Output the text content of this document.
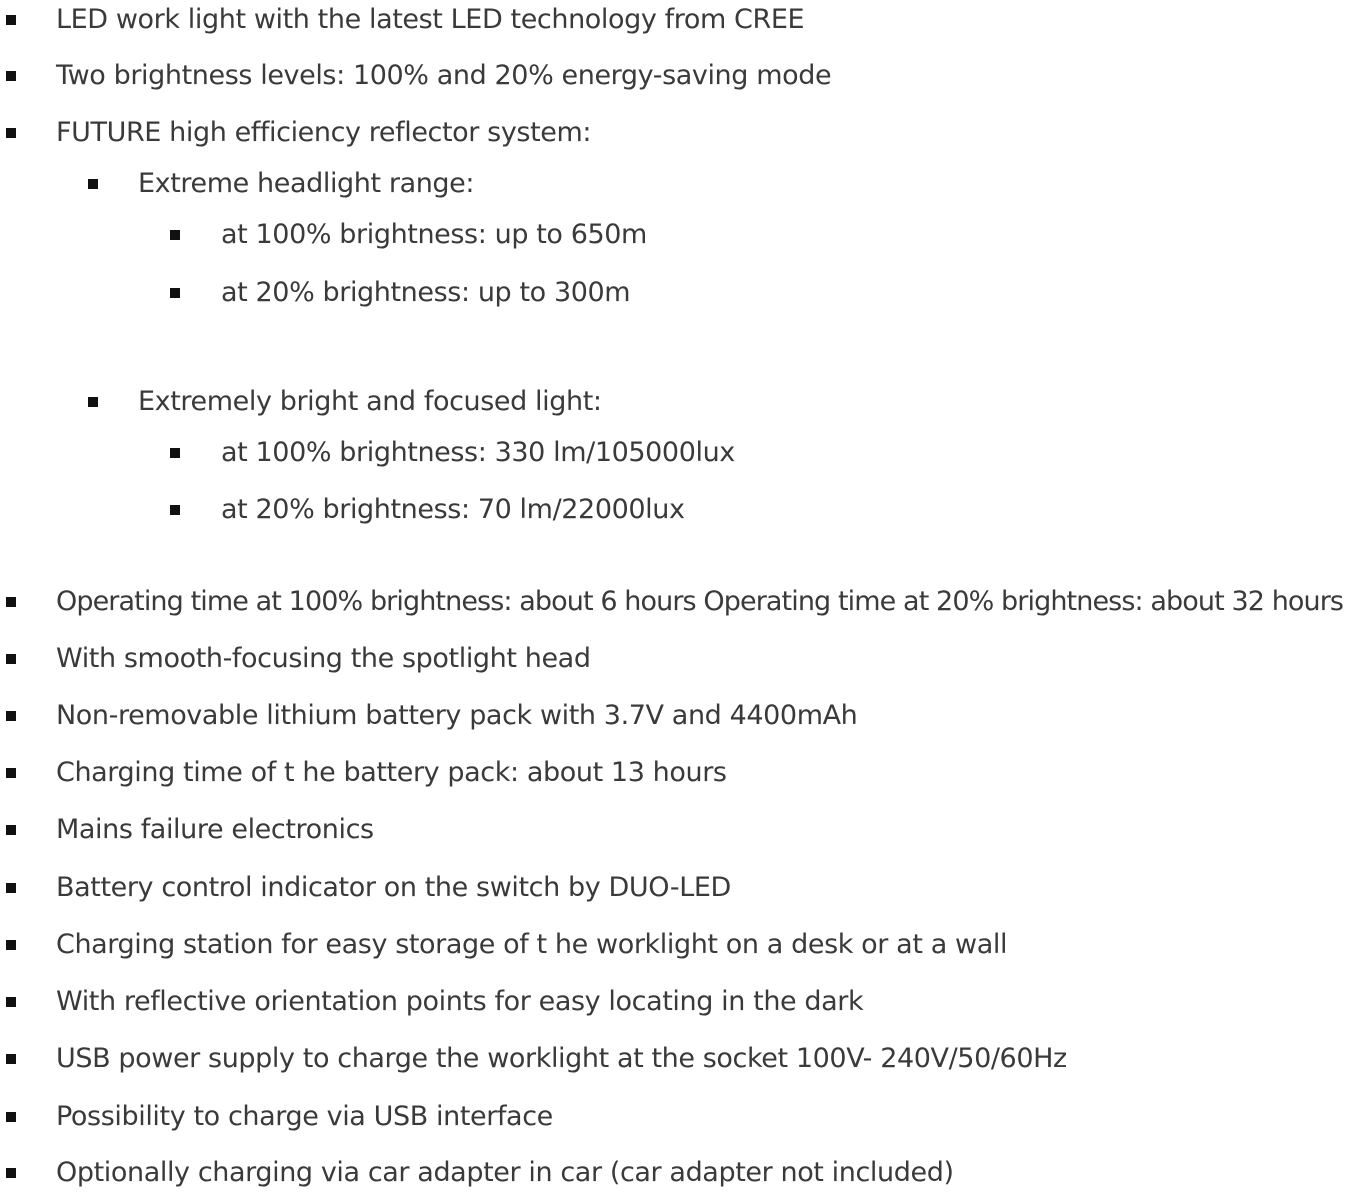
LED work light with the latest LED technology from CREE
Two brightness levels: 100% and 20% energy-saving mode
FUTURE high efficiency reflector system:
Extreme headlight range:
at 100% brightness: up to 650m
at 20% brightness: up to 300m
Extremely bright and focused light:
at 100% brightness: 330 lm/105000lux
at 20% brightness: 70 lm/22000lux
Operating time at 100% brightness: about 6 hours Operating time at 20% brightness: about 32 hours
With smooth-focusing the spotlight head
Non-removable lithium battery pack with 3.7V and 4400mAh
Charging time of t he battery pack: about 13 hours
Mains failure electronics
Battery control indicator on the switch by DUO-LED
Charging station for easy storage of t he worklight on a desk or at a wall
With reflective orientation points for easy locating in the dark
USB power supply to charge the worklight at the socket 100V- 240V/50/60Hz
Possibility to charge via USB interface
Optionally charging via car adapter in car (car adapter not included)
